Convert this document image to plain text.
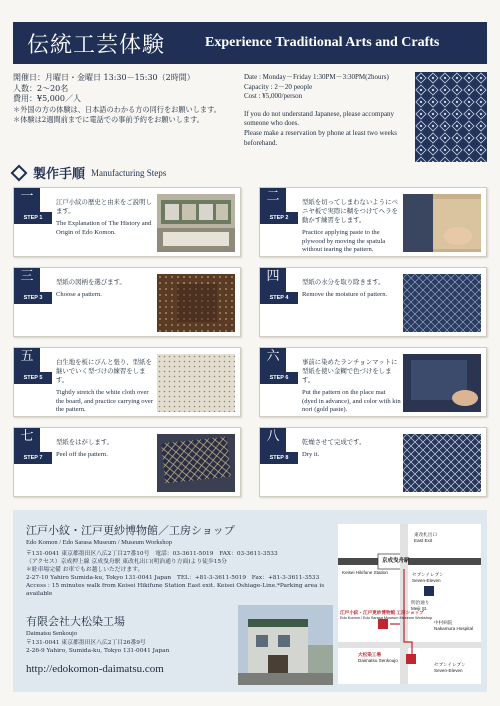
伝統工芸体験	Experience Traditional Arts and Crafts
開催日：月曜日・金曜日 13:30－15:30（2時間）
人数：2～20名
費用：¥5,000／人
＊外国の方の体験は、日本語のわかる方の同行をお願いします。
＊体験は2週間前までに電話での事前予約をお願いします。
Date : Monday－Friday 1:30PM－3:30PM(2hours)
Capacity : 2－20 people
Cost : ¥5,000/person
If you do not understand Japanese, please accompany someone who does.
Please make a reservation by phone at least two weeks beforehand.
製作手順 Manufacturing Steps
一
STEP 1
江戸小紋の歴史と由来をご説明します。
The Explanation of The History and Origin of Edo Komon.
二
STEP 2
型紙を切ってしまわないようにベニヤ板で実際に糊をつけてヘラを動かす練習をします。
Practice applying paste to the plywood by moving the spatula without tearing the pattern.
三
STEP 3
型紙の図柄を選びます。
Choose a pattern.
四
STEP 4
型紙の水分を取り除きます。
Remove the moisture of pattern.
五
STEP 5
白生地を板にぴんと張り、型紙を継いでいく型づけの練習をします。
Tightly stretch the white cloth over the board, and practice carrying over the pattern.
六
STEP 6
事前に染めたランチョンマットに型紙を使い金糊で色づけをします。
Put the pattern on the place mat (dyed in advance), and color with kin nori (gold paste).
七
STEP 7
型紙をはがします。
Peel off the pattern.
八
STEP 8
乾燥させて完成です。
Dry it.
江戸小紋・江戸更紗博物館／工房ショップ
Edo Komon / Edo Sarasa Museum / Museum Workshop
〒131-0041 東京都墨田区八広2丁目27番10号　電話：03-3611-5019　FAX：03-3611-3533
（アクセス）京成押上線 京成曳舟駅 東改札出口(明治通り方面)より徒歩15分
＊駐車場完備 お車でもお越しいただけます。
2-27-10 Yahiro Sumida-ku, Tokyo 131-0041 Japan　TEL：+81-3-3611-5019　Fax：+81-3-3611-3533
Access : 15 minutes walk from Keisei Hikifune Station East exit. Keisei Oshiage-Line.*Parking area is available
有限会社大松染工場
Daimatsu Senkoujo
〒131-0041 東京都墨田区八広2丁目26番9号
2-26-9 Yahiro, Sumida-ku, Tokyo 131-0041 Japan
http://edokomon-daimatsu.com
京成曳舟駅
東改札出口
East Exit
Keisei Hikifune Station	セブンイレブン
Seven-Eleven
明治通り
Meiji St.
江戸小紋・江戸更紗博物館 工房ショップ
Edo Komon / Edo Sarasa Museum Museum Workshop
中村病院
Nakamura Hospital
大松染工場
Daimatsu Senkoujo
セブンイレブン
Seven-Eleven
